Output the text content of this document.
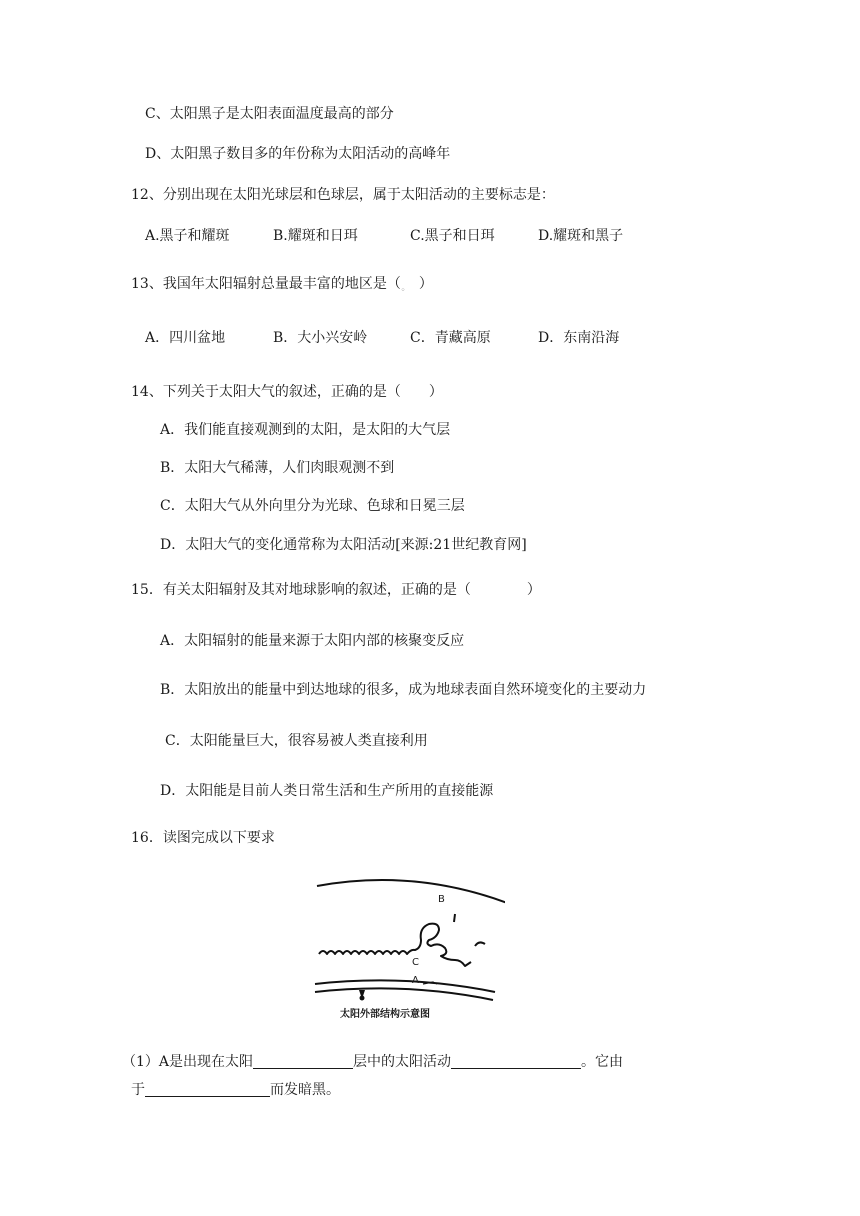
C、太阳黑子是太阳表面温度最高的部分
D、太阳黑子数目多的年份称为太阳活动的高峰年
12、分别出现在太阳光球层和色球层，属于太阳活动的主要标志是：
A.黑子和耀斑	B.耀斑和日珥	C.黑子和日珥	D.耀斑和黑子
13、我国年太阳辐射总量最丰富的地区是（。 ）
A．四川盆地	B．大小兴安岭	C．青藏高原	D．东南沿海
14、下列关于太阳大气的叙述，正确的是（　　）
A．我们能直接观测到的太阳，是太阳的大气层
B．太阳大气稀薄，人们肉眼观测不到
C．太阳大气从外向里分为光球、色球和日冕三层
D．太阳大气的变化通常称为太阳活动[来源:21世纪教育网]
15．有关太阳辐射及其对地球影响的叙述，正确的是（　　　　）
A．太阳辐射的能量来源于太阳内部的核聚变反应
B．太阳放出的能量中到达地球的很多，成为地球表面自然环境变化的主要动力
C．太阳能量巨大，很容易被人类直接利用
D．太阳能是目前人类日常生活和生产所用的直接能源
16．读图完成以下要求
B
C
A
太阳外部结构示意图
（1）A是出现在太阳	层中的太阳活动	。它由
于	而发暗黑。
